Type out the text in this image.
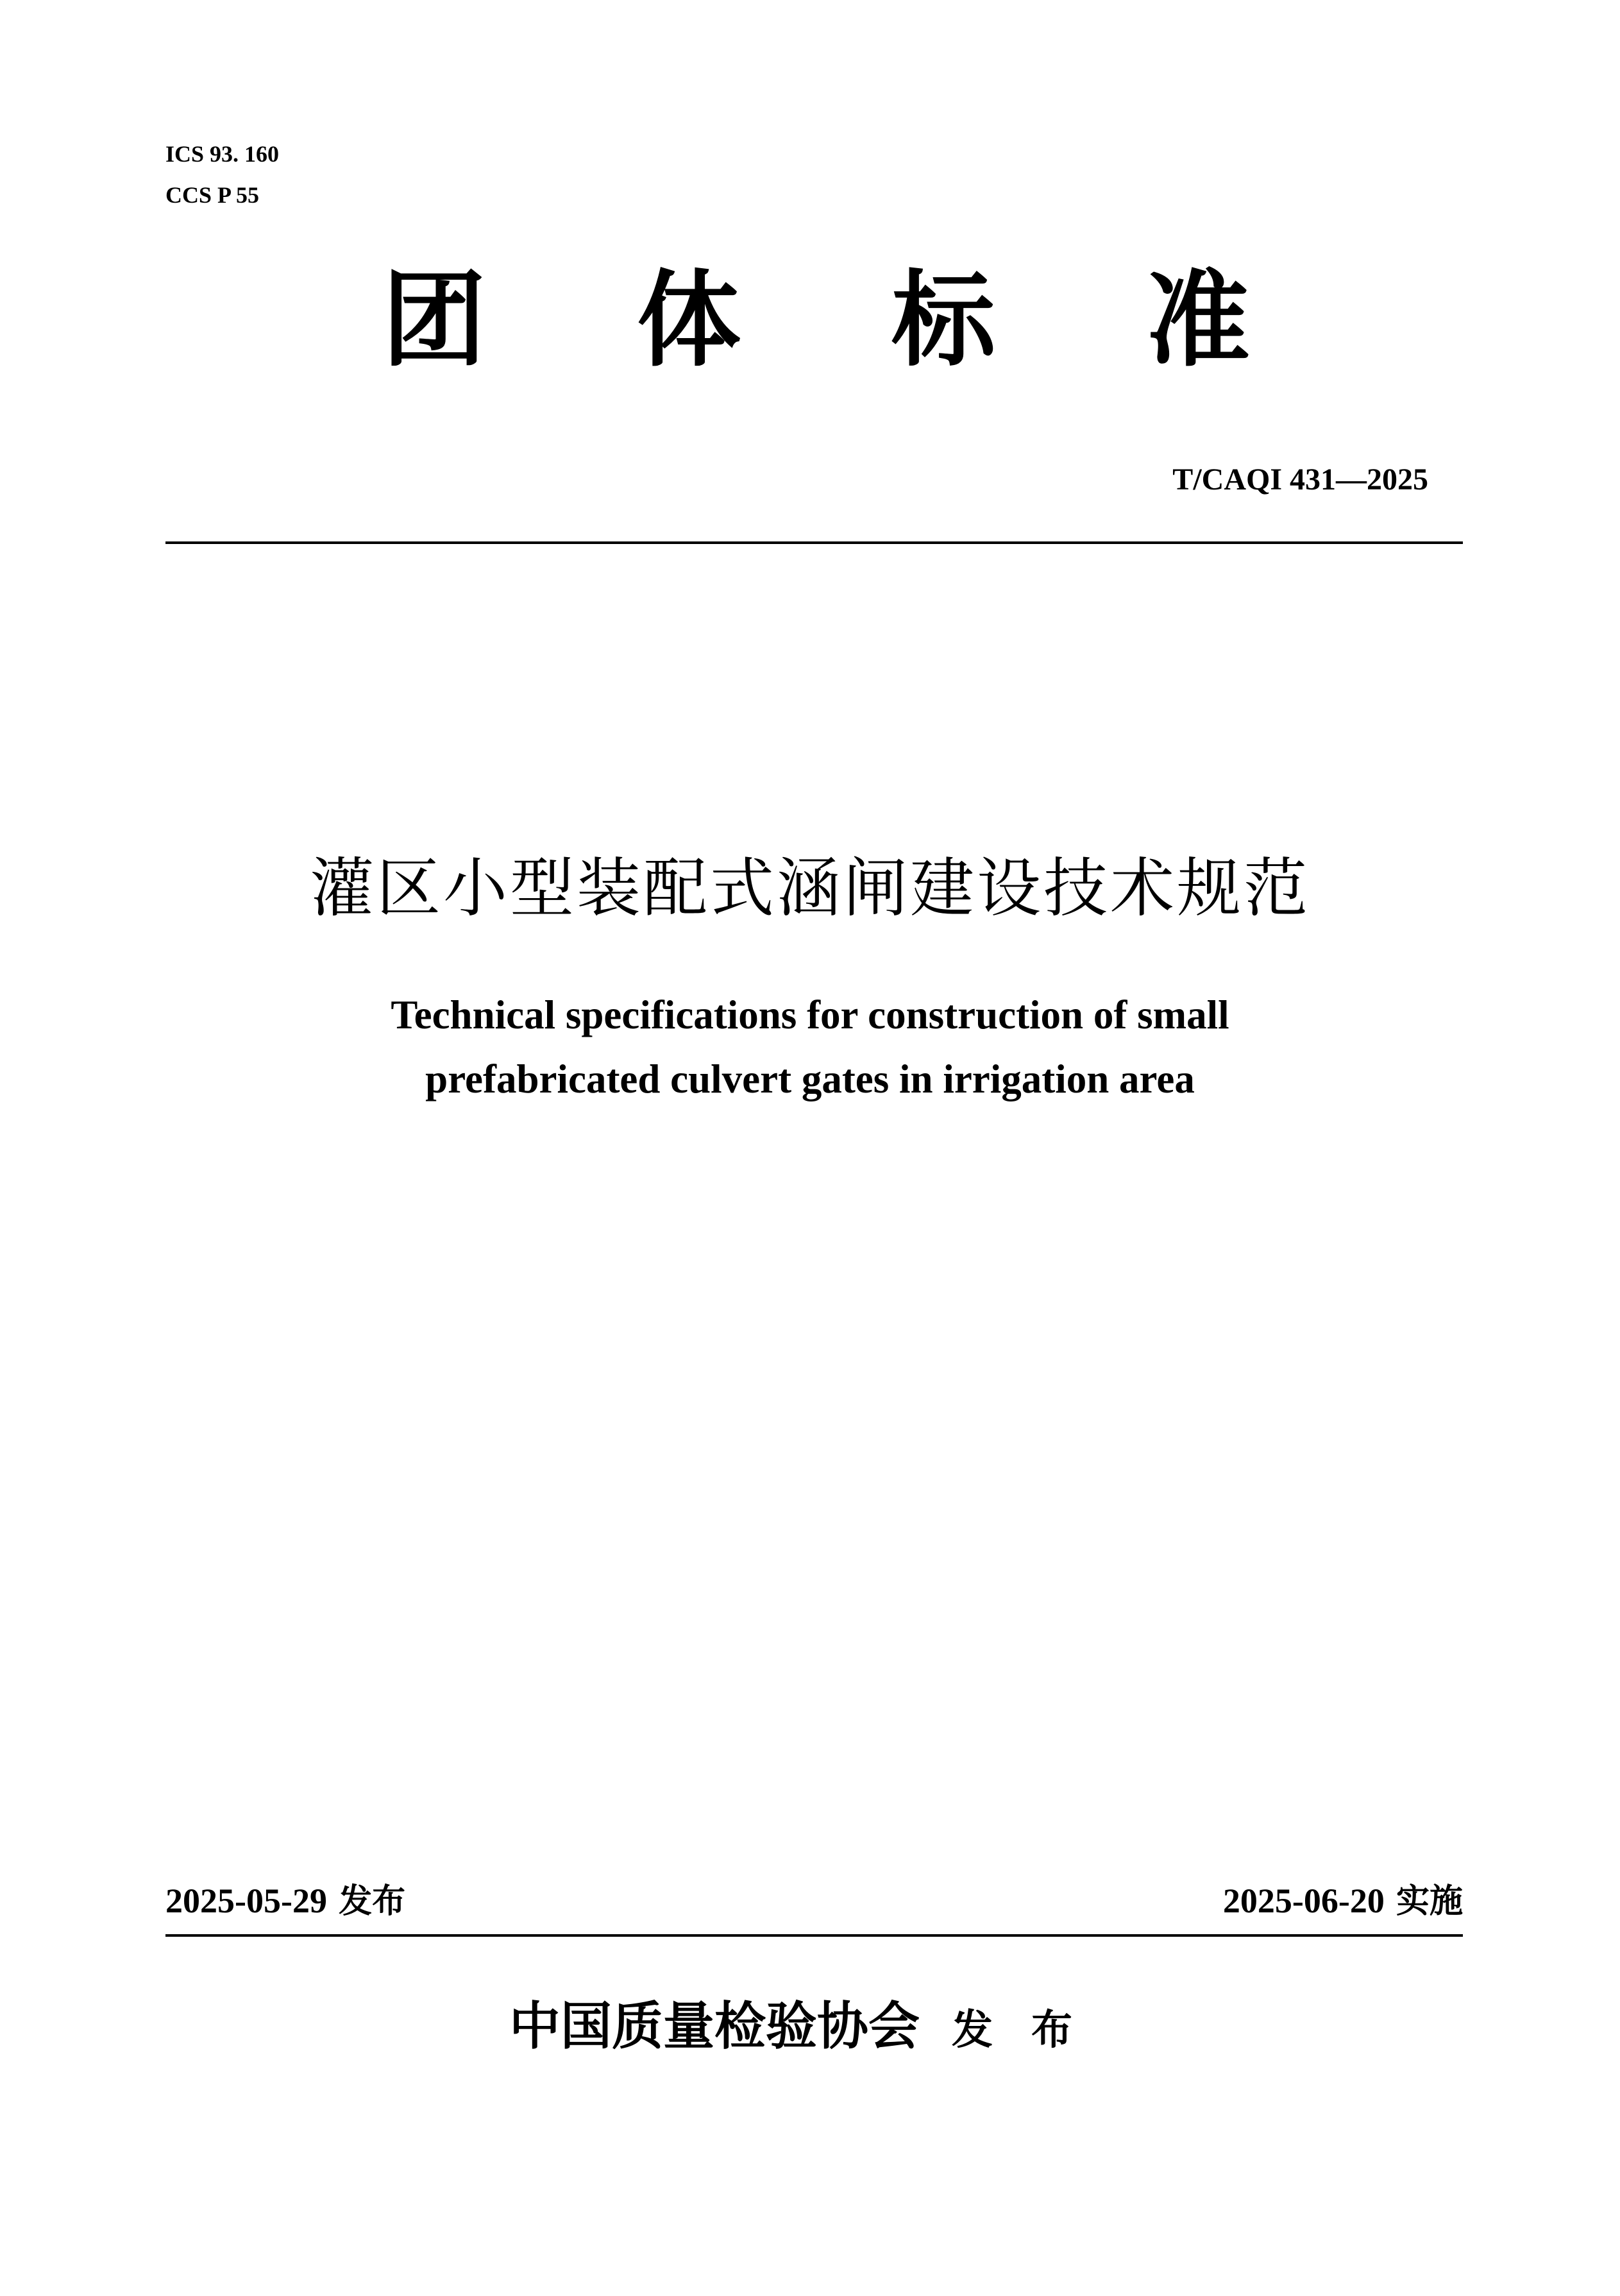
ICS 93. 160
CCS P 55
团 体 标 准
T/CAQI 431—2025
灌区小型装配式涵闸建设技术规范
Technical specifications for construction of small
prefabricated culvert gates in irrigation area
2025-05-29 发布	2025-06-20 实施
中国质量检验协会 发布
